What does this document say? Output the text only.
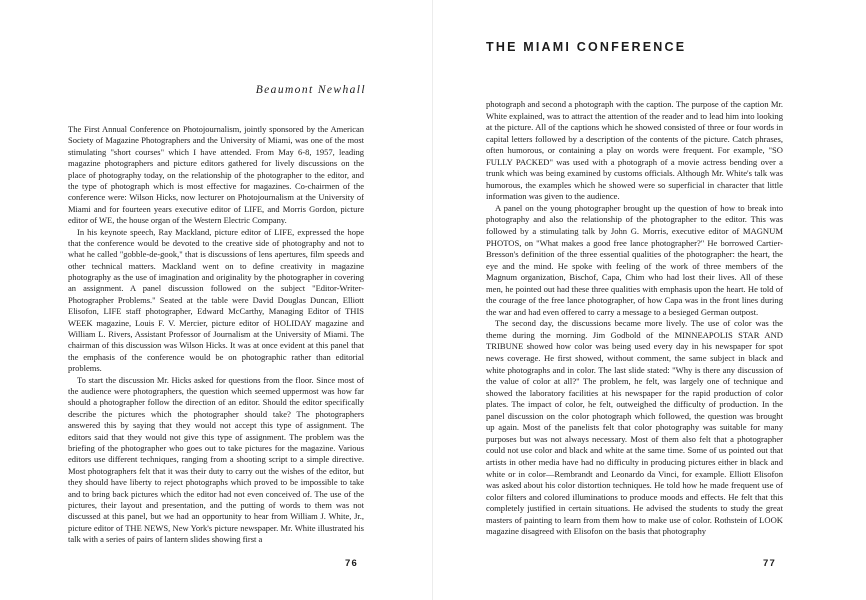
Beaumont Newhall

The First Annual Conference on Photojournalism, jointly sponsored by the American Society of Magazine Photographers and the University of Miami, was one of the most stimulating "short courses" which I have attended. From May 6-8, 1957, leading magazine photographers and picture editors gathered for lively discussions on the place of photography today, on the relationship of the photographer to the editor, and the type of photograph which is most effective for magazines. Co-chairmen of the conference were: Wilson Hicks, now lecturer on Photojournalism at the University of Miami and for fourteen years executive editor of LIFE, and Morris Gordon, picture editor of WE, the house organ of the Western Electric Company.

In his keynote speech, Ray Mackland, picture editor of LIFE, expressed the hope that the conference would be devoted to the creative side of photography and not to what he called "gobble-de-gook," that is discussions of lens apertures, film speeds and other technical matters. Mackland went on to define creativity in magazine photography as the use of imagination and originality by the photographer in covering an assignment. A panel discussion followed on the subject "Editor-Writer-Photographer Problems." Seated at the table were David Douglas Duncan, Elliott Elisofon, LIFE staff photographer, Edward McCarthy, Managing Editor of THIS WEEK magazine, Louis F. V. Mercier, picture editor of HOLIDAY magazine and William L. Rivers, Assistant Professor of Journalism at the University of Miami. The chairman of this discussion was Wilson Hicks. It was at once evident at this panel that the emphasis of the conference would be on photographic rather than editorial problems.

To start the discussion Mr. Hicks asked for questions from the floor. Since most of the audience were photographers, the question which seemed uppermost was how far should a photographer follow the direction of an editor. Should the editor specifically describe the pictures which the photographer should take? The photographers answered this by saying that they would not accept this type of assignment. The editors said that they would not give this type of assignment. The problem was the briefing of the photographer who goes out to take pictures for the magazine. Various editors use different techniques, ranging from a shooting script to a simple directive. Most photographers felt that it was their duty to carry out the wishes of the editor, but they should have liberty to reject photographs which proved to be impossible to take and to bring back pictures which the editor had not even conceived of. The use of the pictures, their layout and presentation, and the putting of words to them was not discussed at this panel, but we had an opportunity to hear from William J. White, Jr., picture editor of THE NEWS, New York's picture newspaper. Mr. White illustrated his talk with a series of pairs of lantern slides showing first a

76
THE MIAMI CONFERENCE

photograph and second a photograph with the caption. The purpose of the caption Mr. White explained, was to attract the attention of the reader and to lead him into looking at the picture. All of the captions which he showed consisted of three or four words in capital letters followed by a description of the contents of the picture. Catch phrases, often humorous, or containing a play on words were frequent. For example, "SO FULLY PACKED" was used with a photograph of a movie actress bending over a trunk which was being examined by customs officials. Although Mr. White's talk was humorous, the examples which he showed were so superficial in character that little information was given to the audience.

A panel on the young photographer brought up the question of how to break into photography and also the relationship of the photographer to the editor. This was followed by a stimulating talk by John G. Morris, executive editor of MAGNUM PHOTOS, on "What makes a good free lance photographer?" He borrowed Cartier-Bresson's definition of the three essential qualities of the photographer: the heart, the eye and the mind. He spoke with feeling of the work of three members of the Magnum organization, Bischof, Capa, Chim who had lost their lives. All of these men, he pointed out had these three qualities with emphasis upon the heart. He told of the courage of the free lance photographer, of how Capa was in the front lines during the war and had even offered to carry a message to a besieged German outpost.

The second day, the discussions became more lively. The use of color was the theme during the morning. Jim Godbold of the MINNEAPOLIS STAR AND TRIBUNE showed how color was being used every day in his newspaper for spot news coverage. He first showed, without comment, the same subject in black and white photographs and in color. The last slide stated: "Why is there any discussion of the value of color at all?" The problem, he felt, was largely one of technique and showed the laboratory facilities at his newspaper for the rapid production of color plates. The impact of color, he felt, outweighed the difficulty of production. In the panel discussion on the color photograph which followed, the question was brought up again. Most of the panelists felt that color photography was suitable for many purposes but was not always necessary. Most of them also felt that a photographer could not use color and black and white at the same time. Some of us pointed out that artists in other media have had no difficulty in producing pictures either in black and white or in color—Rembrandt and Leonardo da Vinci, for example. Elliott Elisofon was asked about his color distortion techniques. He told how he made frequent use of color filters and colored illuminations to produce moods and effects. He felt that this completely justified in certain situations. He advised the students to study the great masters of painting to learn from them how to make use of color. Rothstein of LOOK magazine disagreed with Elisofon on the basis that photography

77
